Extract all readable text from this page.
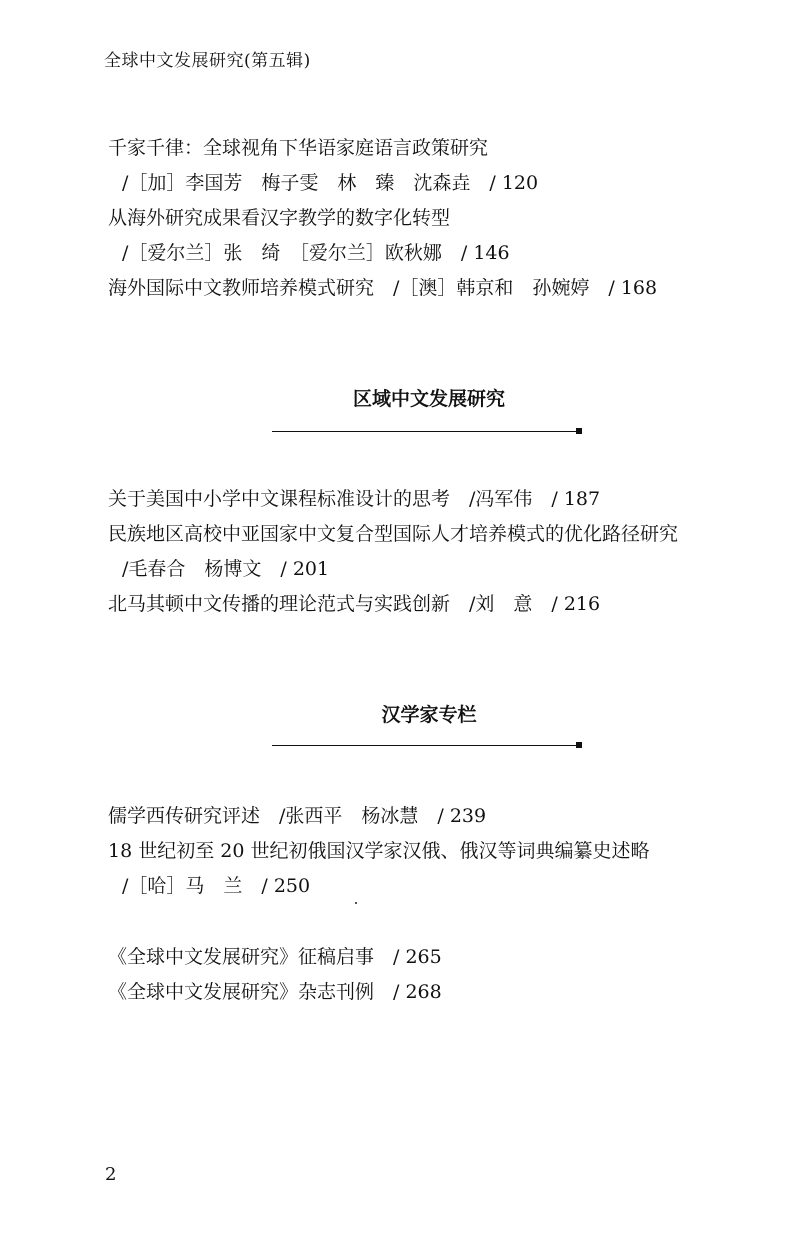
全球中文发展研究(第五辑)
千家千律：全球视角下华语家庭语言政策研究
/［加］李国芳　梅子雯　林　臻　沈森垚　/ 120
从海外研究成果看汉字教学的数字化转型
/［爱尔兰］张　绮　［爱尔兰］欧秋娜　/ 146
海外国际中文教师培养模式研究　/［澳］韩京和　孙婉婷　/ 168
区域中文发展研究
关于美国中小学中文课程标准设计的思考　/冯军伟　/ 187
民族地区高校中亚国家中文复合型国际人才培养模式的优化路径研究
/毛春合　杨博文　/ 201
北马其顿中文传播的理论范式与实践创新　/刘　意　/ 216
汉学家专栏
儒学西传研究评述　/张西平　杨冰慧　/ 239
18 世纪初至 20 世纪初俄国汉学家汉俄、俄汉等词典编纂史述略
/［哈］马　兰　/ 250
《全球中文发展研究》征稿启事　/ 265
《全球中文发展研究》杂志刊例　/ 268
2
